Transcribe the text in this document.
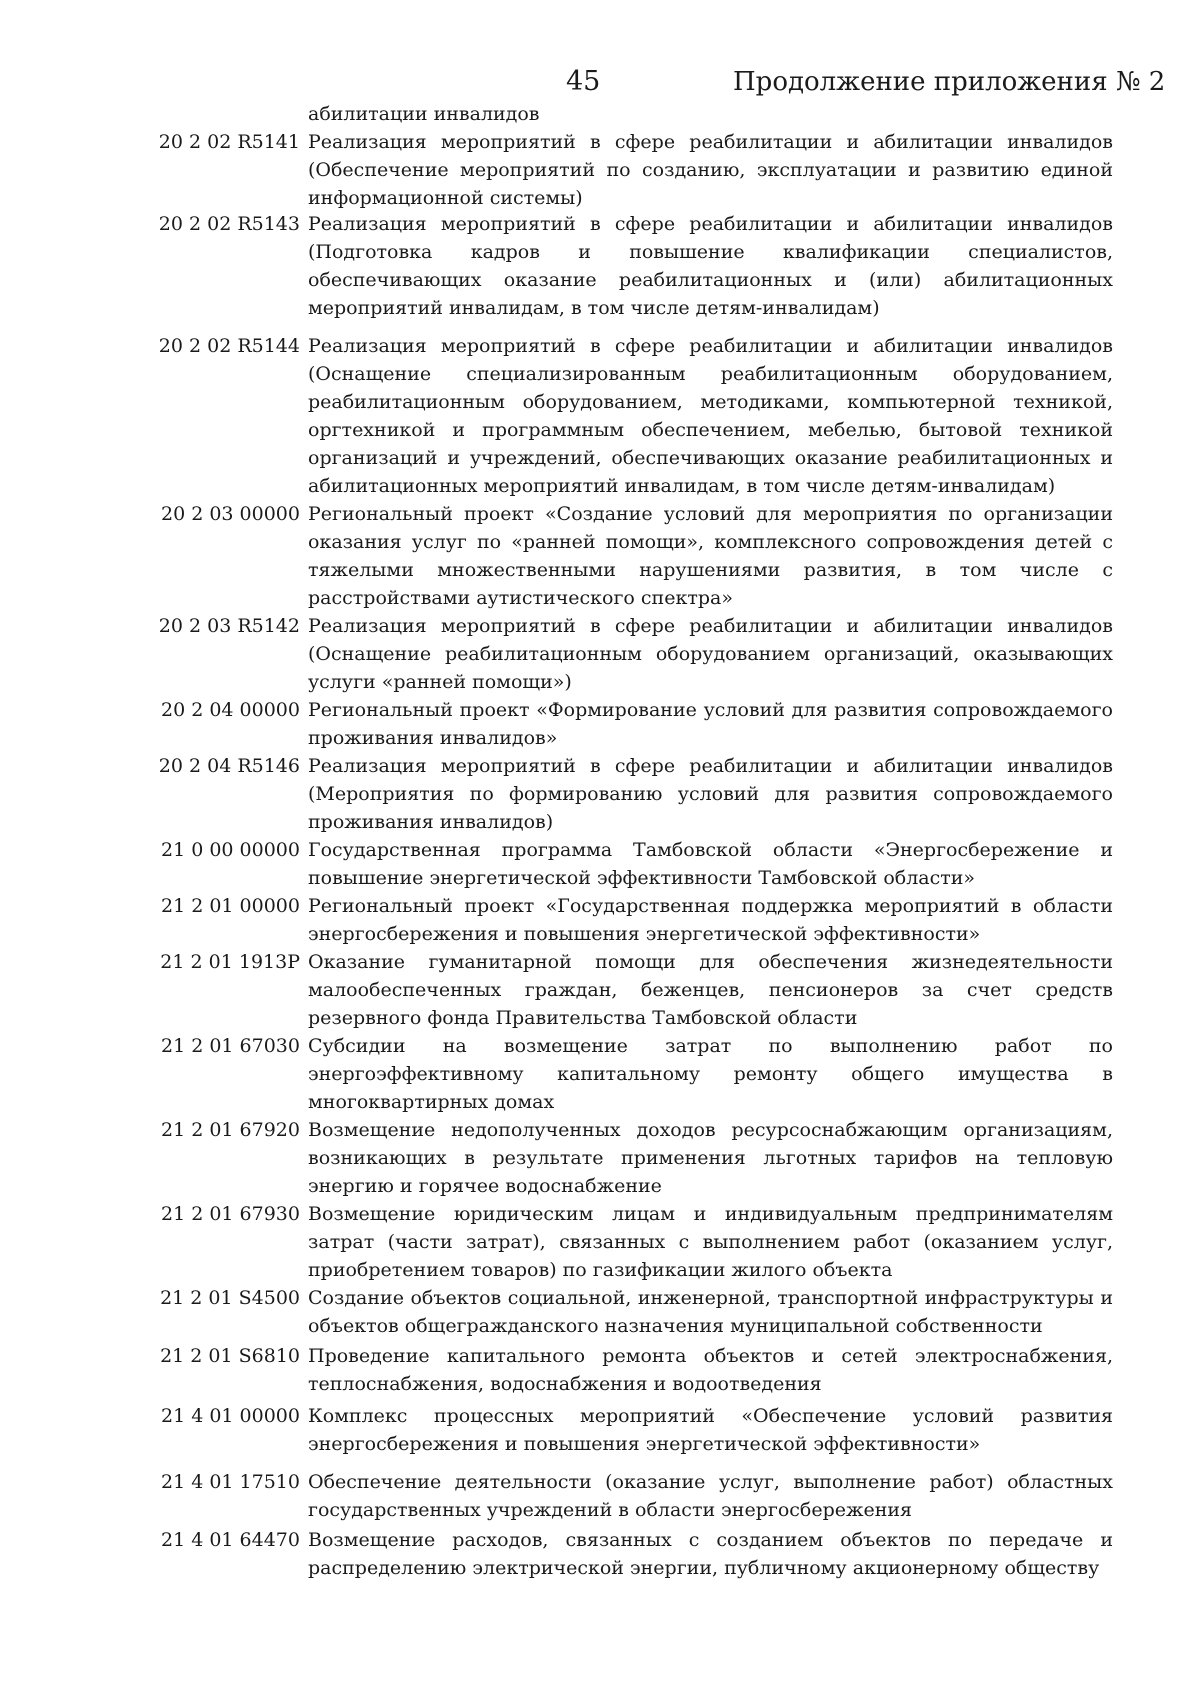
45	Продолжение приложения № 2
абилитации инвалидов
20 2 02 R5141 Реализация мероприятий в сфере реабилитации и абилитации инвалидов (Обеспечение мероприятий по созданию, эксплуатации и развитию единой информационной системы)
20 2 02 R5143 Реализация мероприятий в сфере реабилитации и абилитации инвалидов (Подготовка кадров и повышение квалификации специалистов, обеспечивающих оказание реабилитационных и (или) абилитационных мероприятий инвалидам, в том числе детям-инвалидам)
20 2 02 R5144 Реализация мероприятий в сфере реабилитации и абилитации инвалидов (Оснащение специализированным реабилитационным оборудованием, реабилитационным оборудованием, методиками, компьютерной техникой, оргтехникой и программным обеспечением, мебелью, бытовой техникой организаций и учреждений, обеспечивающих оказание реабилитационных и абилитационных мероприятий инвалидам, в том числе детям-инвалидам)
20 2 03 00000 Региональный проект «Создание условий для мероприятия по организации оказания услуг по «ранней помощи», комплексного сопровождения детей с тяжелыми множественными нарушениями развития, в том числе с расстройствами аутистического спектра»
20 2 03 R5142 Реализация мероприятий в сфере реабилитации и абилитации инвалидов (Оснащение реабилитационным оборудованием организаций, оказывающих услуги «ранней помощи»)
20 2 04 00000 Региональный проект «Формирование условий для развития сопровождаемого проживания инвалидов»
20 2 04 R5146 Реализация мероприятий в сфере реабилитации и абилитации инвалидов (Мероприятия по формированию условий для развития сопровождаемого проживания инвалидов)
21 0 00 00000 Государственная программа Тамбовской области «Энергосбережение и повышение энергетической эффективности Тамбовской области»
21 2 01 00000 Региональный проект «Государственная поддержка мероприятий в области энергосбережения и повышения энергетической эффективности»
21 2 01 1913Р Оказание гуманитарной помощи для обеспечения жизнедеятельности малообеспеченных граждан, беженцев, пенсионеров за счет средств резервного фонда Правительства Тамбовской области
21 2 01 67030 Субсидии на возмещение затрат по выполнению работ по энергоэффективному капитальному ремонту общего имущества в многоквартирных домах
21 2 01 67920 Возмещение недополученных доходов ресурсоснабжающим организациям, возникающих в результате применения льготных тарифов на тепловую энергию и горячее водоснабжение
21 2 01 67930 Возмещение юридическим лицам и индивидуальным предпринимателям затрат (части затрат), связанных с выполнением работ (оказанием услуг, приобретением товаров) по газификации жилого объекта
21 2 01 S4500 Создание объектов социальной, инженерной, транспортной инфраструктуры и объектов общегражданского назначения муниципальной собственности
21 2 01 S6810 Проведение капитального ремонта объектов и сетей электроснабжения, теплоснабжения, водоснабжения и водоотведения
21 4 01 00000 Комплекс процессных мероприятий «Обеспечение условий развития энергосбережения и повышения энергетической эффективности»
21 4 01 17510 Обеспечение деятельности (оказание услуг, выполнение работ) областных государственных учреждений в области энергосбережения
21 4 01 64470 Возмещение расходов, связанных с созданием объектов по передаче и распределению электрической энергии, публичному акционерному обществу
